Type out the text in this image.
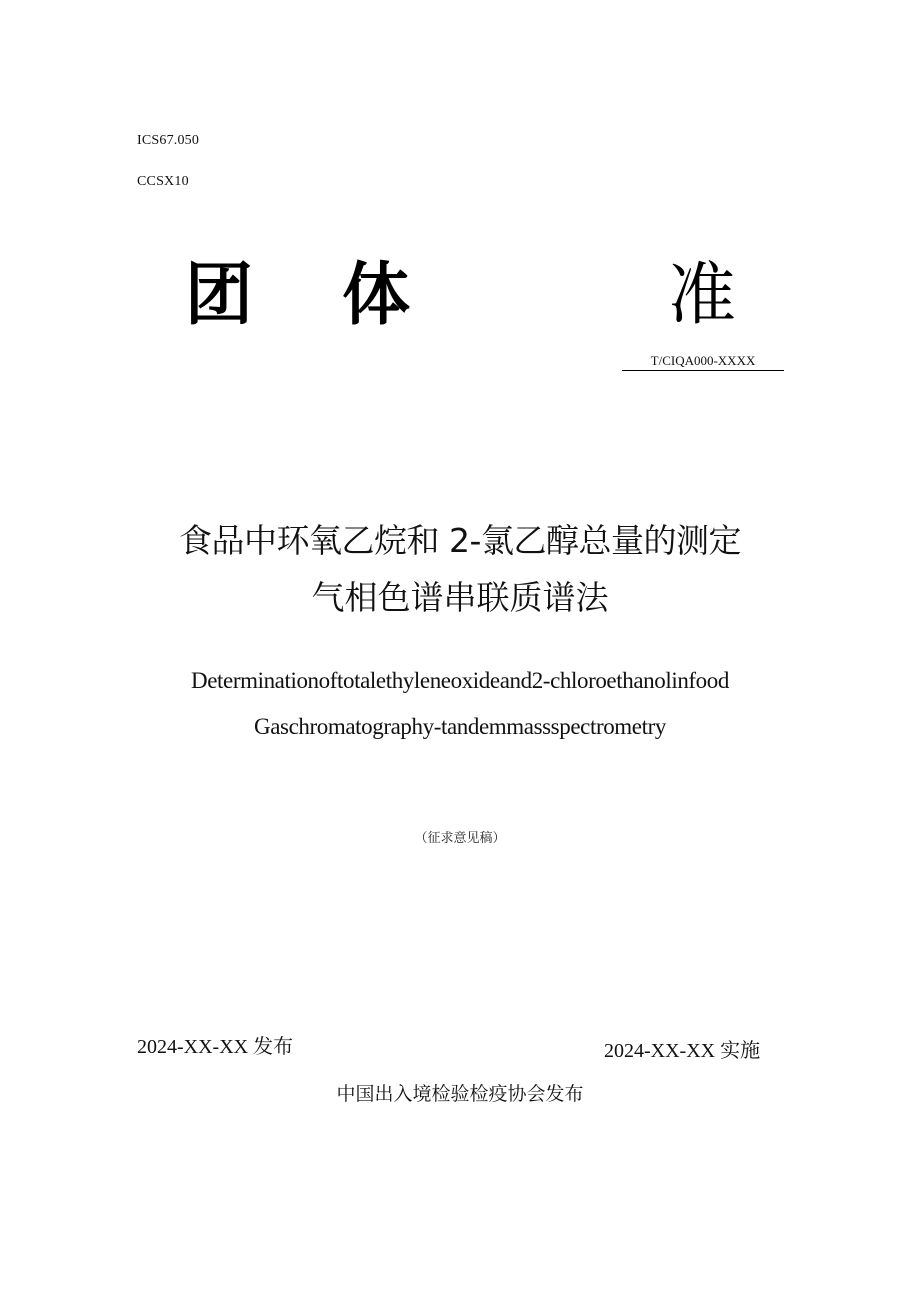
ICS67.050
CCSX10
团 体	准
T/CIQA000-XXXX
食品中环氧乙烷和 2-氯乙醇总量的测定
气相色谱串联质谱法
Determinationoftotalethyleneoxideand2-chloroethanolinfood
Gaschromatography-tandemmassspectrometry
（征求意见稿）
2024-XX-XX 发布	2024-XX-XX 实施
中国出入境检验检疫协会发布
